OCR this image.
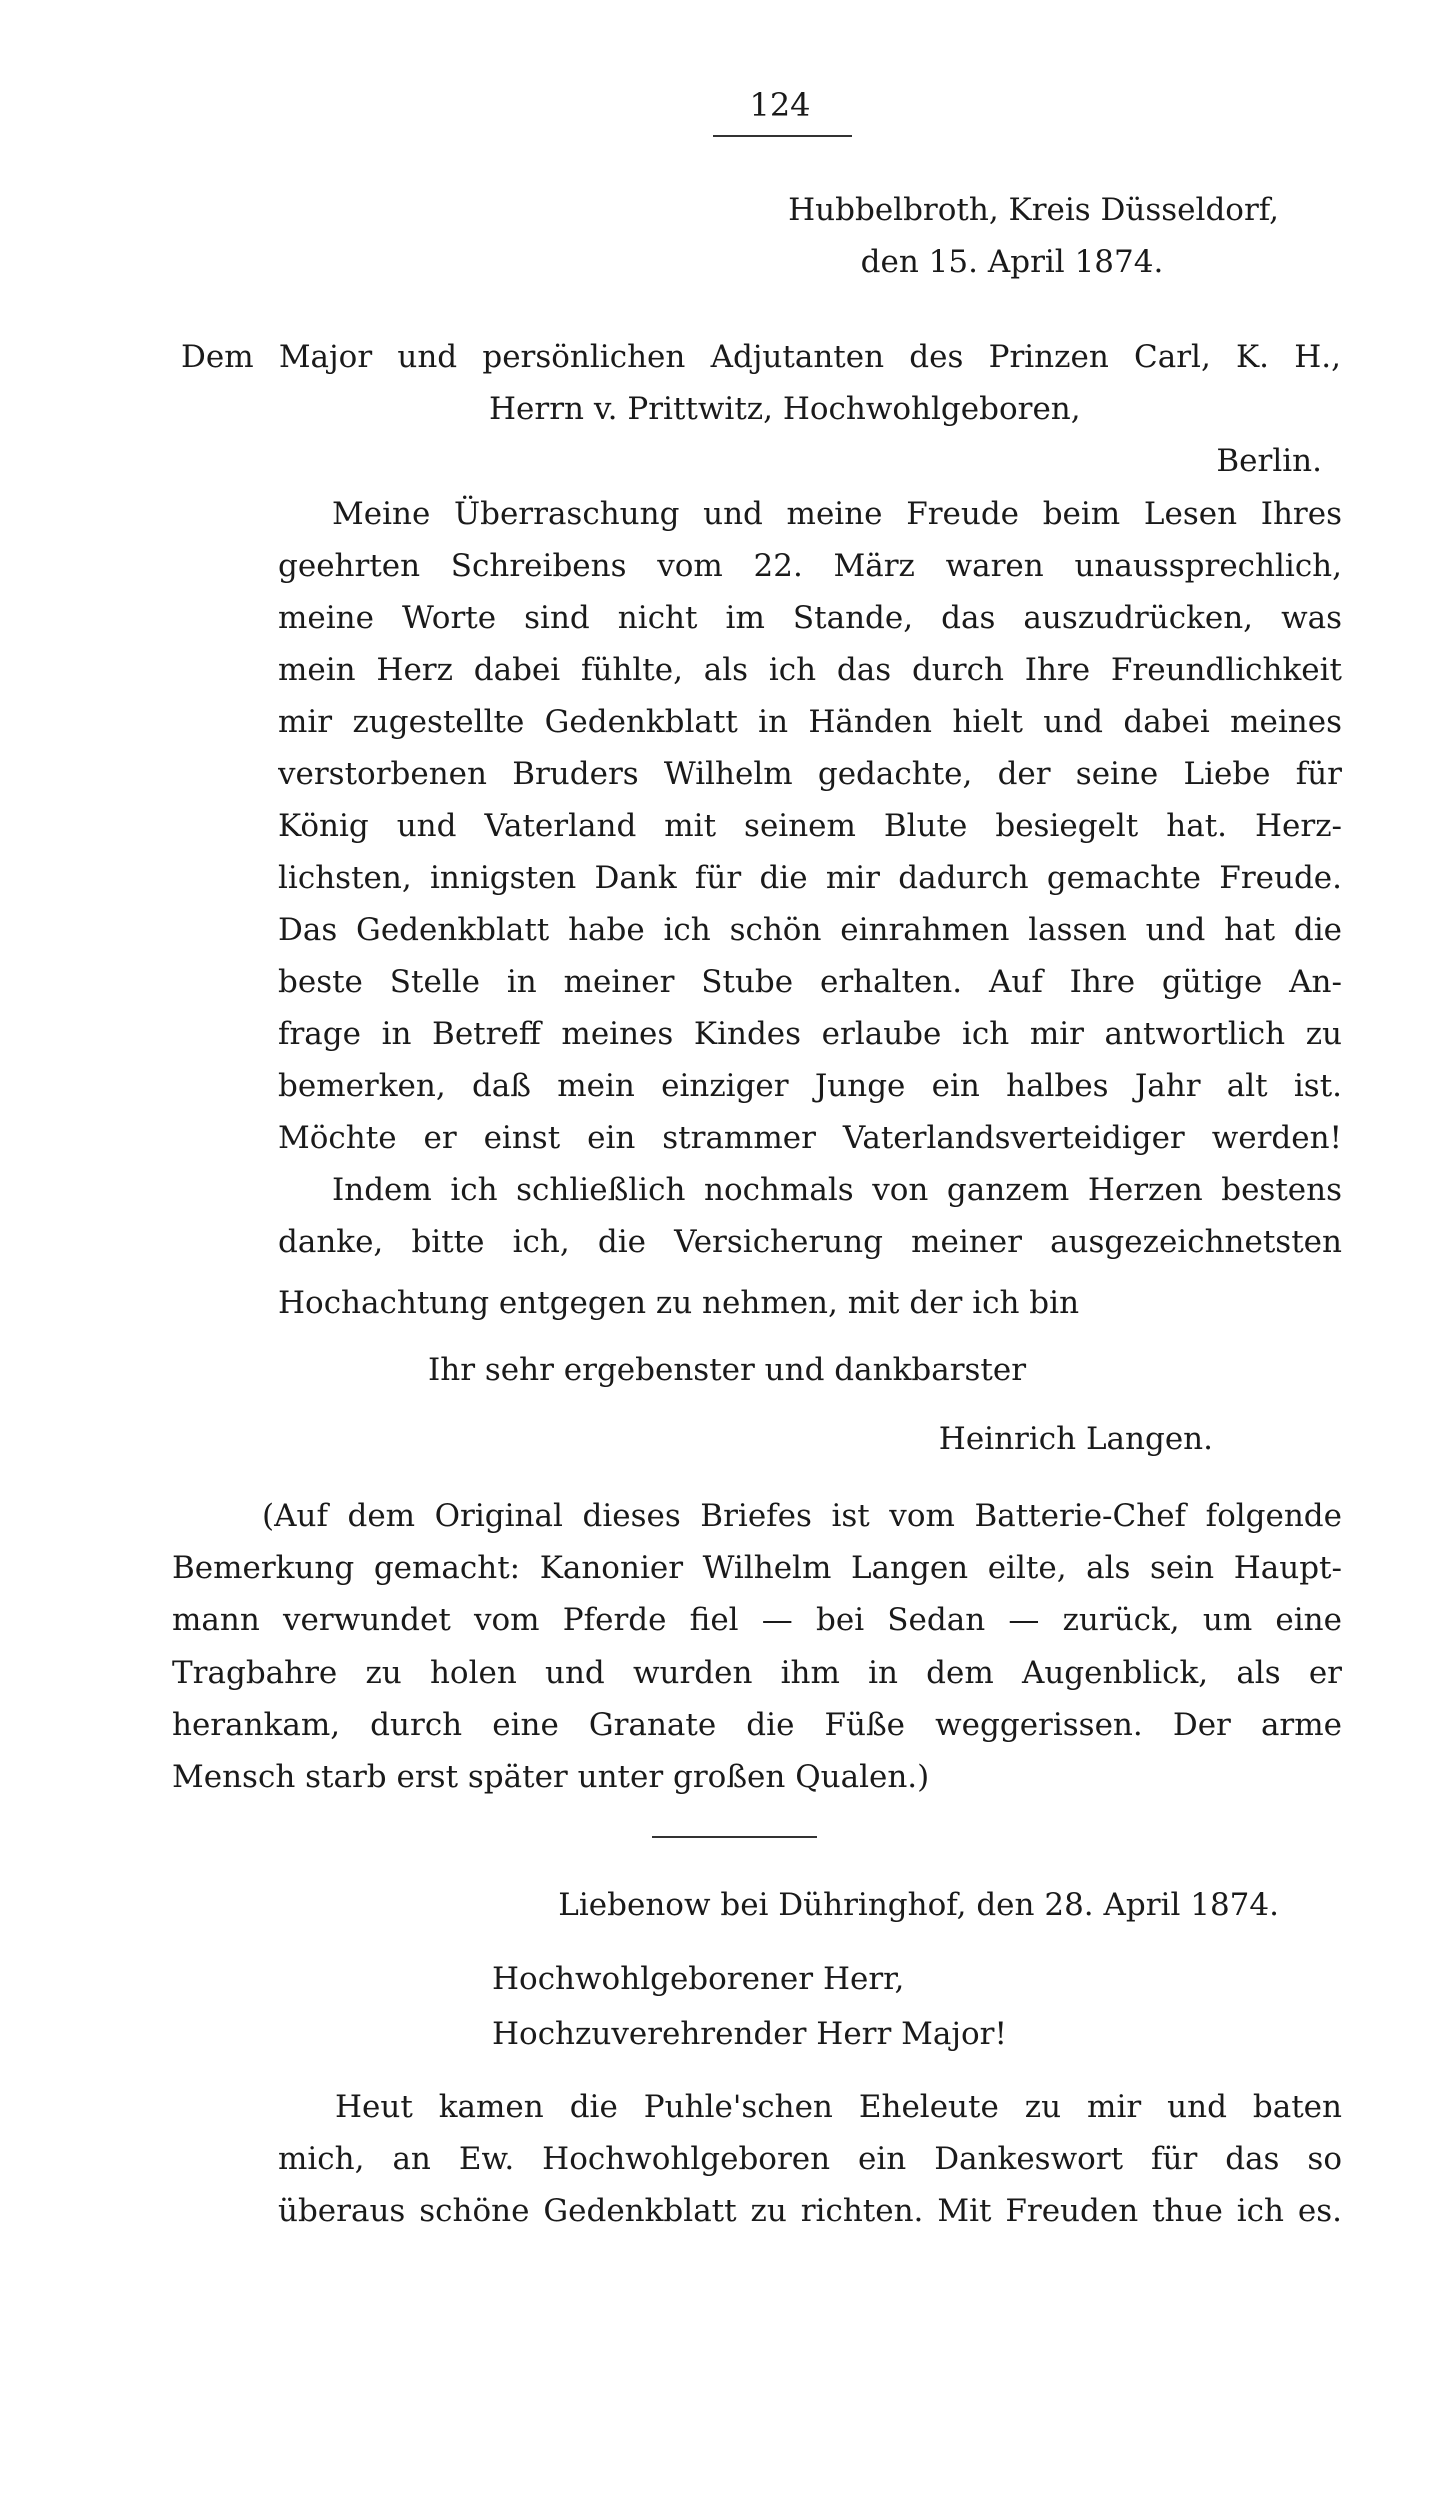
124
Hubbelbroth, Kreis Düsseldorf,
den 15. April 1874.
Dem Major und persönlichen Adjutanten des Prinzen Carl, K. H.,
Herrn v. Prittwitz, Hochwohlgeboren,
Berlin.
Meine Überraschung und meine Freude beim Lesen Ihres
geehrten Schreibens vom 22. März waren unaussprechlich,
meine Worte sind nicht im Stande, das auszudrücken, was
mein Herz dabei fühlte, als ich das durch Ihre Freundlichkeit
mir zugestellte Gedenkblatt in Händen hielt und dabei meines
verstorbenen Bruders Wilhelm gedachte, der seine Liebe für
König und Vaterland mit seinem Blute besiegelt hat. Herz-
lichsten, innigsten Dank für die mir dadurch gemachte Freude.
Das Gedenkblatt habe ich schön einrahmen lassen und hat die
beste Stelle in meiner Stube erhalten. Auf Ihre gütige An-
frage in Betreff meines Kindes erlaube ich mir antwortlich zu
bemerken, daß mein einziger Junge ein halbes Jahr alt ist.
Möchte er einst ein strammer Vaterlandsverteidiger werden!
Indem ich schließlich nochmals von ganzem Herzen bestens
danke, bitte ich, die Versicherung meiner ausgezeichnetsten
Hochachtung entgegen zu nehmen, mit der ich bin
Ihr sehr ergebenster und dankbarster
Heinrich Langen.
(Auf dem Original dieses Briefes ist vom Batterie-Chef folgende
Bemerkung gemacht: Kanonier Wilhelm Langen eilte, als sein Haupt-
mann verwundet vom Pferde fiel — bei Sedan — zurück, um eine
Tragbahre zu holen und wurden ihm in dem Augenblick, als er
herankam, durch eine Granate die Füße weggerissen. Der arme
Mensch starb erst später unter großen Qualen.)
Liebenow bei Dühringhof, den 28. April 1874.
Hochwohlgeborener Herr,
Hochzuverehrender Herr Major!
Heut kamen die Puhle'schen Eheleute zu mir und baten
mich, an Ew. Hochwohlgeboren ein Dankeswort für das so
überaus schöne Gedenkblatt zu richten. Mit Freuden thue ich es.
